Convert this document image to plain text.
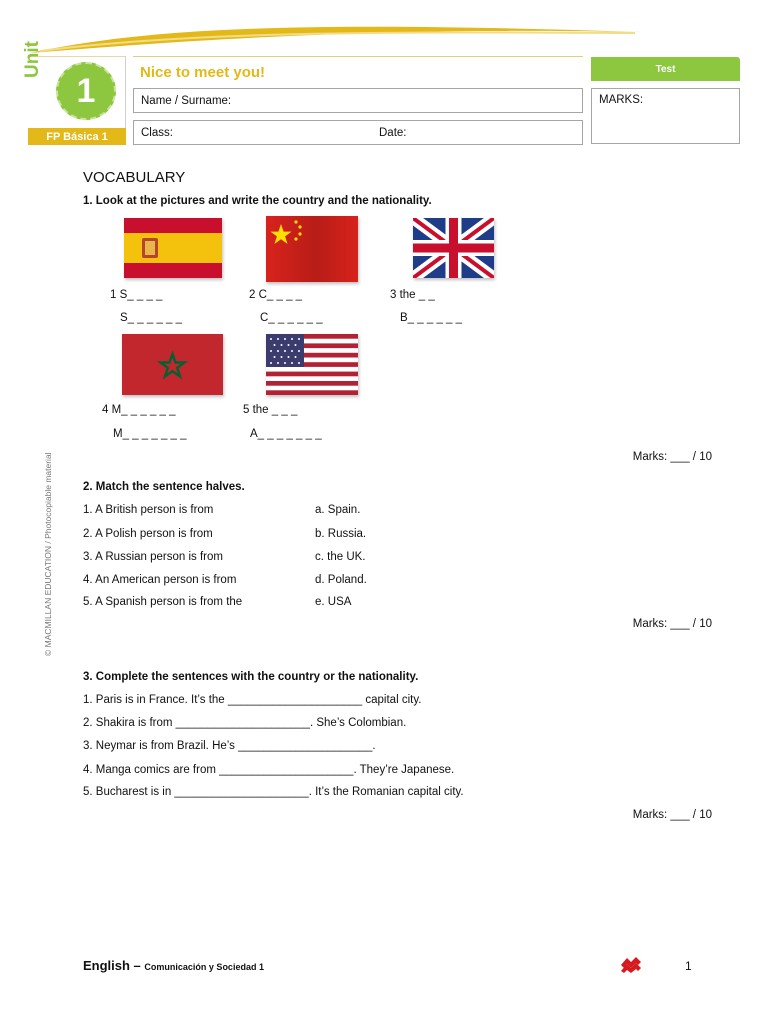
Unit
1
FP Básica 1
Nice to meet you!
Name / Surname:
Class:	Date:
Test
MARKS:
© MACMILLAN EDUCATION / Photocopiable material
VOCABULARY
1. Look at the pictures and write the country and the nationality.
1 S_ _ _ _
S_ _ _ _ _ _
2 C_ _ _ _
C_ _ _ _ _ _
3 the _ _
B_ _ _ _ _ _
4 M_ _ _ _ _ _
M_ _ _ _ _ _ _
5 the _ _ _
A_ _ _ _ _ _ _
Marks: ___ / 10
2. Match the sentence halves.
1. A British person is from
2. A Polish person is from
3. A Russian person is from
4. An American person is from
5. A Spanish person is from the
a. Spain.
b. Russia.
c. the UK.
d. Poland.
e. USA
Marks: ___ / 10
3. Complete the sentences with the country or the nationality.
1. Paris is in France. It’s the _____________________ capital city.
2. Shakira is from _____________________. She’s Colombian.
3. Neymar is from Brazil. He’s _____________________.
4. Manga comics are from _____________________. They’re Japanese.
5. Bucharest is in _____________________. It’s the Romanian capital city.
Marks: ___ / 10
English – Comunicación y Sociedad 1	1
